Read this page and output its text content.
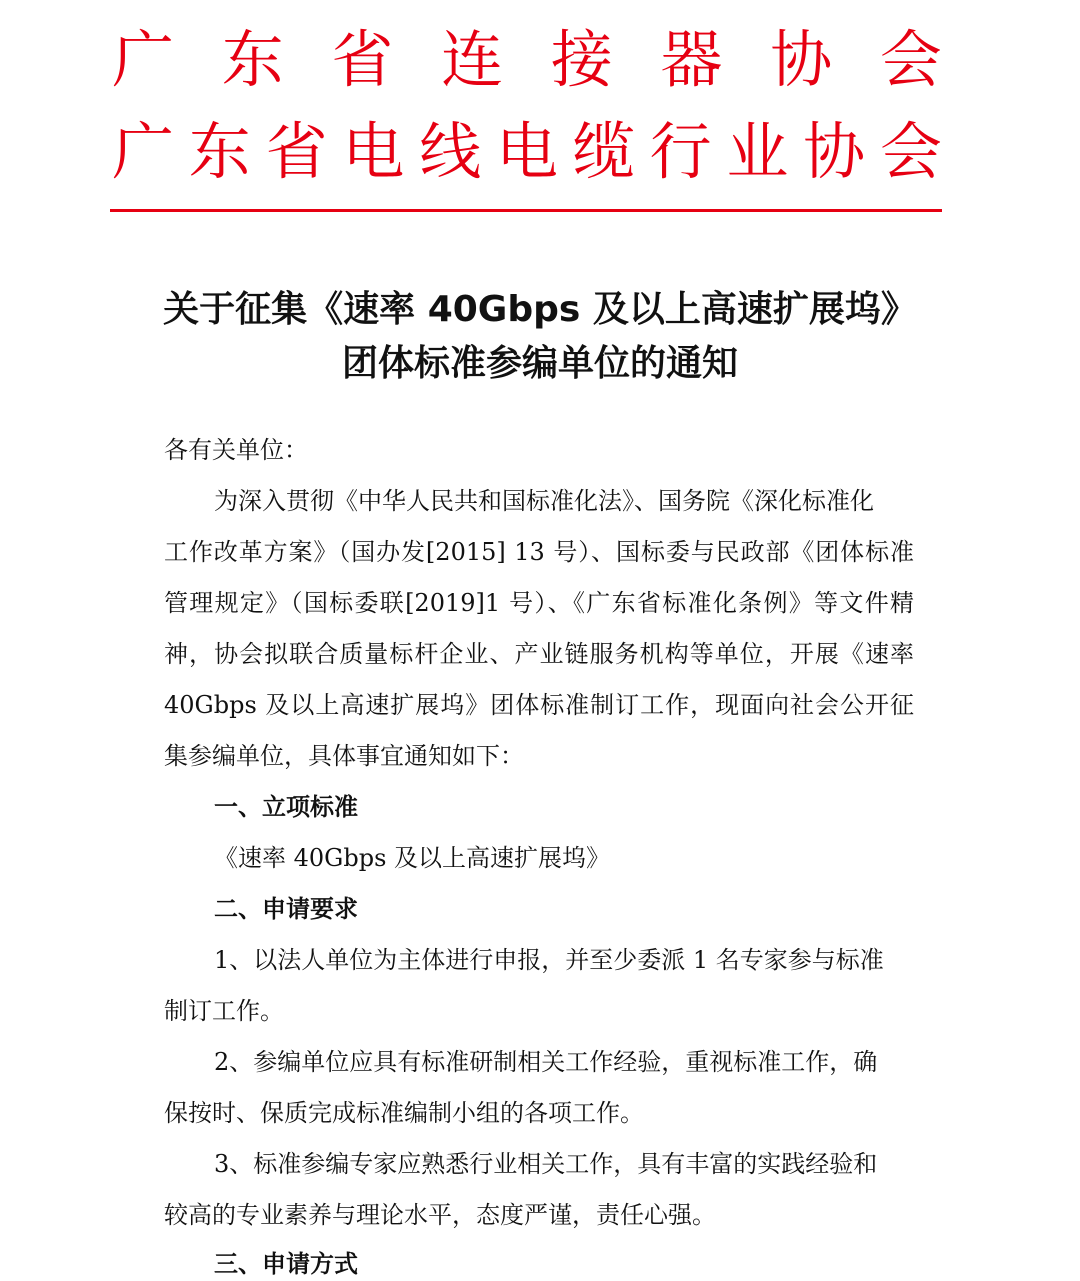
广 东 省 连 接 器 协 会
广 东 省 电 线 电 缆 行 业 协 会
关于征集《速率 40Gbps 及以上高速扩展坞》
团体标准参编单位的通知
各有关单位：
为深入贯彻《中华人民共和国标准化法》、国务院《深化标准化
工作改革方案》（国办发[2015] 13 号）、国标委与民政部《团体标准
管理规定》（国标委联[2019]1 号）、《广东省标准化条例》等文件精
神，协会拟联合质量标杆企业、产业链服务机构等单位，开展《速率
40Gbps 及以上高速扩展坞》团体标准制订工作，现面向社会公开征
集参编单位，具体事宜通知如下：
一、立项标准
《速率 40Gbps 及以上高速扩展坞》
二、申请要求
1、以法人单位为主体进行申报，并至少委派 1 名专家参与标准
制订工作。
2、参编单位应具有标准研制相关工作经验，重视标准工作，确
保按时、保质完成标准编制小组的各项工作。
3、标准参编专家应熟悉行业相关工作，具有丰富的实践经验和
较高的专业素养与理论水平，态度严谨，责任心强。
三、申请方式
